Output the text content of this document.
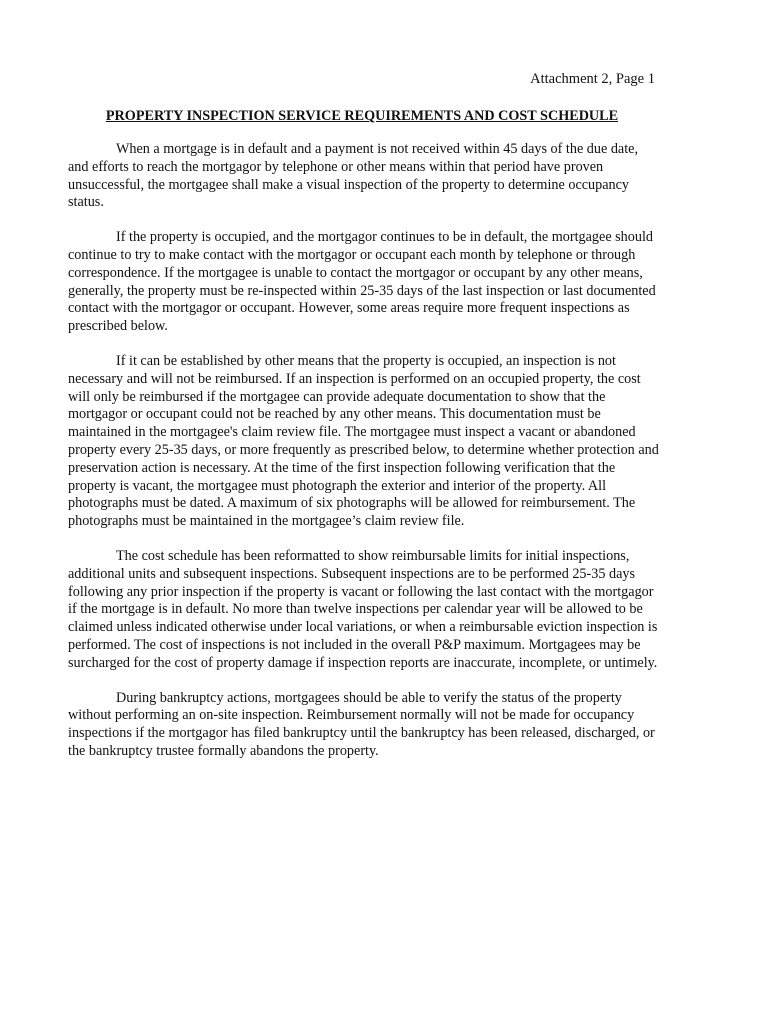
Attachment 2, Page 1
PROPERTY INSPECTION SERVICE REQUIREMENTS AND COST SCHEDULE

When a mortgage is in default and a payment is not received within 45 days of the due date, and efforts to reach the mortgagor by telephone or other means within that period have proven unsuccessful, the mortgagee shall make a visual inspection of the property to determine occupancy status.

If the property is occupied, and the mortgagor continues to be in default, the mortgagee should continue to try to make contact with the mortgagor or occupant each month by telephone or through correspondence. If the mortgagee is unable to contact the mortgagor or occupant by any other means, generally, the property must be re-inspected within 25-35 days of the last inspection or last documented contact with the mortgagor or occupant. However, some areas require more frequent inspections as prescribed below.

If it can be established by other means that the property is occupied, an inspection is not necessary and will not be reimbursed. If an inspection is performed on an occupied property, the cost will only be reimbursed if the mortgagee can provide adequate documentation to show that the mortgagor or occupant could not be reached by any other means. This documentation must be maintained in the mortgagee's claim review file. The mortgagee must inspect a vacant or abandoned property every 25-35 days, or more frequently as prescribed below, to determine whether protection and preservation action is necessary. At the time of the first inspection following verification that the property is vacant, the mortgagee must photograph the exterior and interior of the property. All photographs must be dated. A maximum of six photographs will be allowed for reimbursement. The photographs must be maintained in the mortgagee’s claim review file.

The cost schedule has been reformatted to show reimbursable limits for initial inspections, additional units and subsequent inspections. Subsequent inspections are to be performed 25-35 days following any prior inspection if the property is vacant or following the last contact with the mortgagor if the mortgage is in default. No more than twelve inspections per calendar year will be allowed to be claimed unless indicated otherwise under local variations, or when a reimbursable eviction inspection is performed. The cost of inspections is not included in the overall P&P maximum. Mortgagees may be surcharged for the cost of property damage if inspection reports are inaccurate, incomplete, or untimely.

During bankruptcy actions, mortgagees should be able to verify the status of the property without performing an on-site inspection. Reimbursement normally will not be made for occupancy inspections if the mortgagor has filed bankruptcy until the bankruptcy has been released, discharged, or the bankruptcy trustee formally abandons the property.
